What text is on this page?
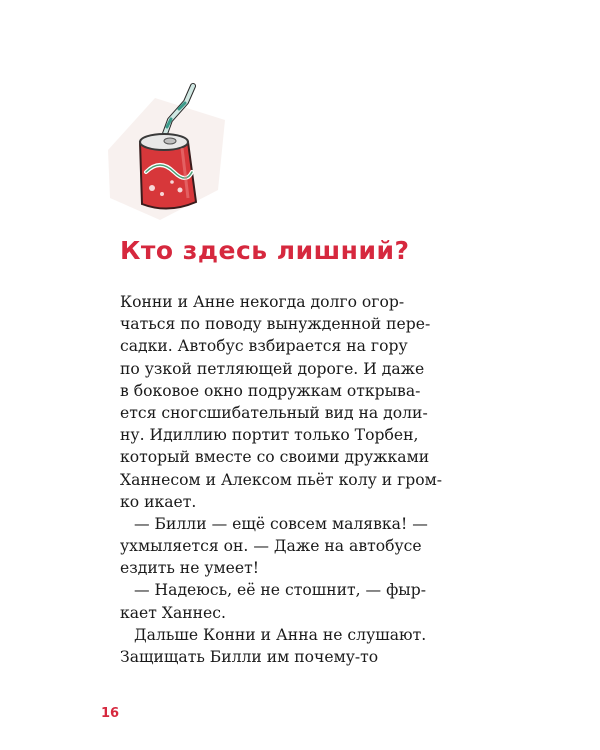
Кто здесь лишний?
Конни и Анне некогда долго огор-
чаться по поводу вынужденной пере-
садки. Автобус взбирается на гору
по узкой петляющей дороге. И даже
в боковое окно подружкам открыва-
ется сногсшибательный вид на доли-
ну. Идиллию портит только Торбен,
который вместе со своими дружками
Ханнесом и Алексом пьёт колу и гром-
ко икает.
— Билли — ещё совсем малявка! —
ухмыляется он. — Даже на автобусе
ездить не умеет!
— Надеюсь, её не стошнит, — фыр-
кает Ханнес.
Дальше Конни и Анна не слушают.
Защищать Билли им почему-то
16
